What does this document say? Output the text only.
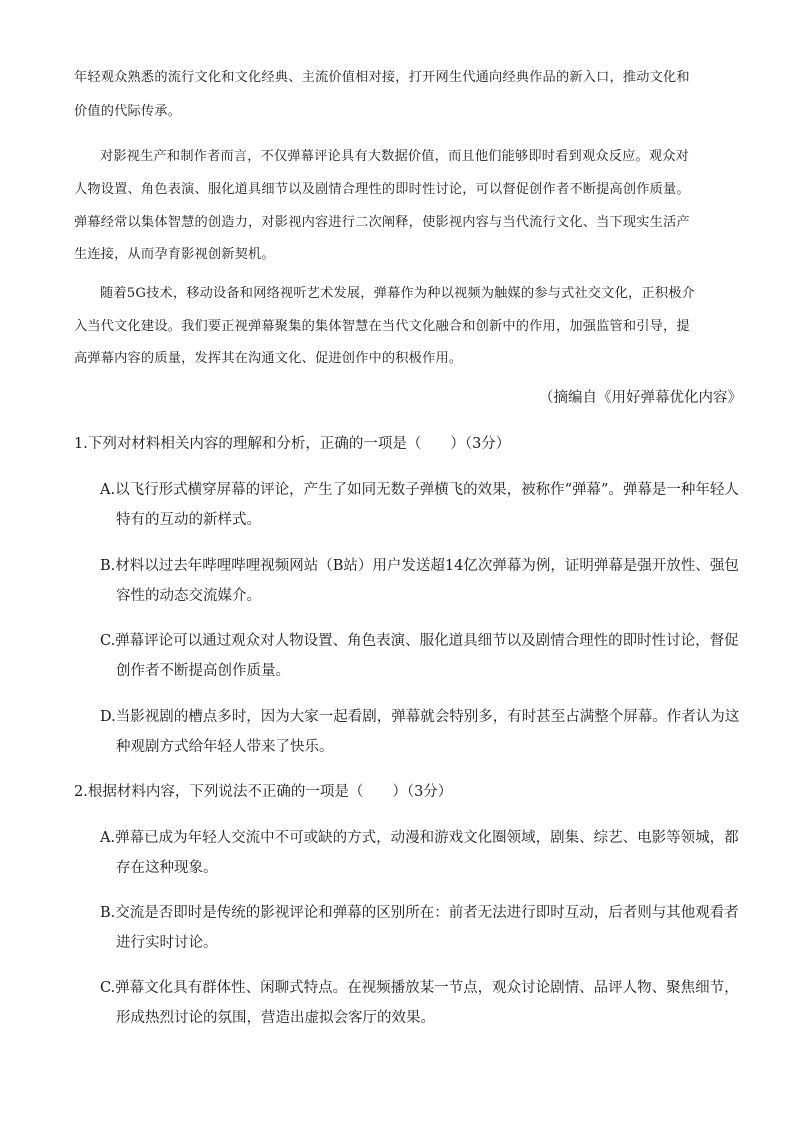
年轻观众熟悉的流行文化和文化经典、主流价值相对接，打开网生代通向经典作品的新入口，推动文化和
价值的代际传承。
对影视生产和制作者而言，不仅弹幕评论具有大数据价值，而且他们能够即时看到观众反应。观众对
人物设置、角色表演、服化道具细节以及剧情合理性的即时性讨论，可以督促创作者不断提高创作质量。
弹幕经常以集体智慧的创造力，对影视内容进行二次阐释，使影视内容与当代流行文化、当下现实生活产
生连接，从而孕育影视创新契机。
随着5G技术，移动设备和网络视听艺术发展，弹幕作为种以视频为触媒的参与式社交文化，正积极介
入当代文化建设。我们要正视弹幕聚集的集体智慧在当代文化融合和创新中的作用，加强监管和引导，提
高弹幕内容的质量，发挥其在沟通文化、促进创作中的积极作用。
（摘编自《用好弹幕优化内容》
1.下列对材料相关内容的理解和分析，正确的一项是（　　）（3分）
A.以飞行形式横穿屏幕的评论，产生了如同无数子弹横飞的效果，被称作“弹幕”。弹幕是一种年轻人
特有的互动的新样式。
B.材料以过去年哔哩哔哩视频网站（B站）用户发送超14亿次弹幕为例，证明弹幕是强开放性、强包
容性的动态交流媒介。
C.弹幕评论可以通过观众对人物设置、角色表演、服化道具细节以及剧情合理性的即时性讨论，督促
创作者不断提高创作质量。
D.当影视剧的槽点多时，因为大家一起看剧，弹幕就会特别多，有时甚至占满整个屏幕。作者认为这
种观剧方式给年轻人带来了快乐。
2.根据材料内容，下列说法不正确的一项是（　　）（3分）
A.弹幕已成为年轻人交流中不可或缺的方式，动漫和游戏文化圈领域，剧集、综艺、电影等领城，都
存在这种现象。
B.交流是否即时是传统的影视评论和弹幕的区别所在：前者无法进行即时互动，后者则与其他观看者
进行实时讨论。
C.弹幕文化具有群体性、闲聊式特点。在视频播放某一节点，观众讨论剧情、品评人物、聚焦细节，
形成热烈讨论的氛围，营造出虚拟会客厅的效果。
